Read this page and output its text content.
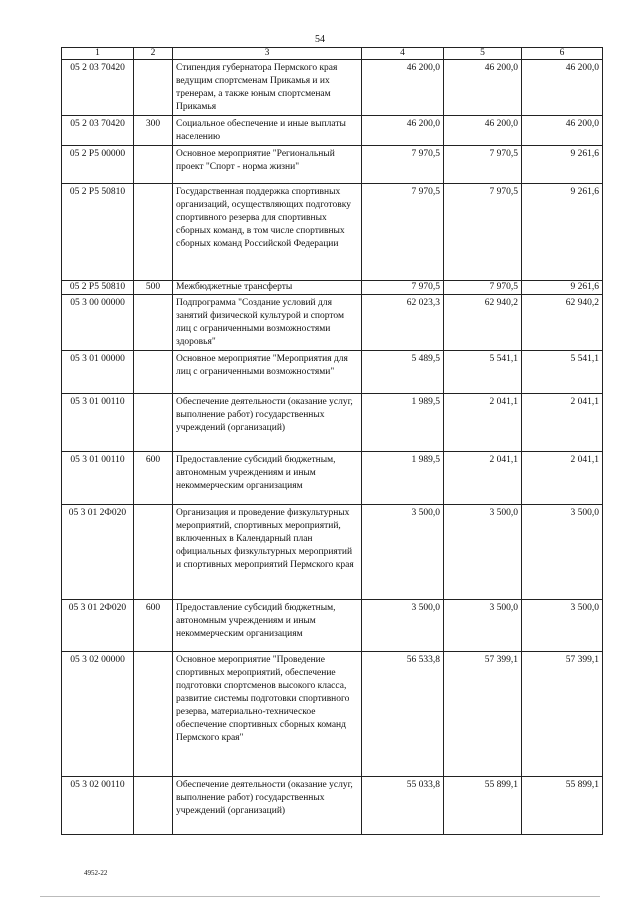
54
1	2	3	4	5	6
05 2 03 70420		Стипендия губернатора Пермского края ведущим спортсменам Прикамья и их тренерам, а также юным спортсменам Прикамья	46 200,0	46 200,0	46 200,0
05 2 03 70420	300	Социальное обеспечение и иные выплаты населению	46 200,0	46 200,0	46 200,0
05 2 P5 00000		Основное мероприятие "Региональный проект "Спорт - норма жизни"	7 970,5	7 970,5	9 261,6
05 2 P5 50810		Государственная поддержка спортивных организаций, осуществляющих подготовку спортивного резерва для спортивных сборных команд, в том числе спортивных сборных команд Российской Федерации	7 970,5	7 970,5	9 261,6
05 2 P5 50810	500	Межбюджетные трансферты	7 970,5	7 970,5	9 261,6
05 3 00 00000		Подпрограмма "Создание условий для занятий физической культурой и спортом лиц с ограниченными возможностями здоровья"	62 023,3	62 940,2	62 940,2
05 3 01 00000		Основное мероприятие "Мероприятия для лиц с ограниченными возможностями"	5 489,5	5 541,1	5 541,1
05 3 01 00110		Обеспечение деятельности (оказание услуг, выполнение работ) государственных учреждений (организаций)	1 989,5	2 041,1	2 041,1
05 3 01 00110	600	Предоставление субсидий бюджетным, автономным учреждениям и иным некоммерческим организациям	1 989,5	2 041,1	2 041,1
05 3 01 2Ф020		Организация и проведение физкультурных мероприятий, спортивных мероприятий, включенных в Календарный план официальных физкультурных мероприятий и спортивных мероприятий Пермского края	3 500,0	3 500,0	3 500,0
05 3 01 2Ф020	600	Предоставление субсидий бюджетным, автономным учреждениям и иным некоммерческим организациям	3 500,0	3 500,0	3 500,0
05 3 02 00000		Основное мероприятие "Проведение спортивных мероприятий, обеспечение подготовки спортсменов высокого класса, развитие системы подготовки спортивного резерва, материально-техническое обеспечение спортивных сборных команд Пермского края"	56 533,8	57 399,1	57 399,1
05 3 02 00110		Обеспечение деятельности (оказание услуг, выполнение работ) государственных учреждений (организаций)	55 033,8	55 899,1	55 899,1
4952-22
